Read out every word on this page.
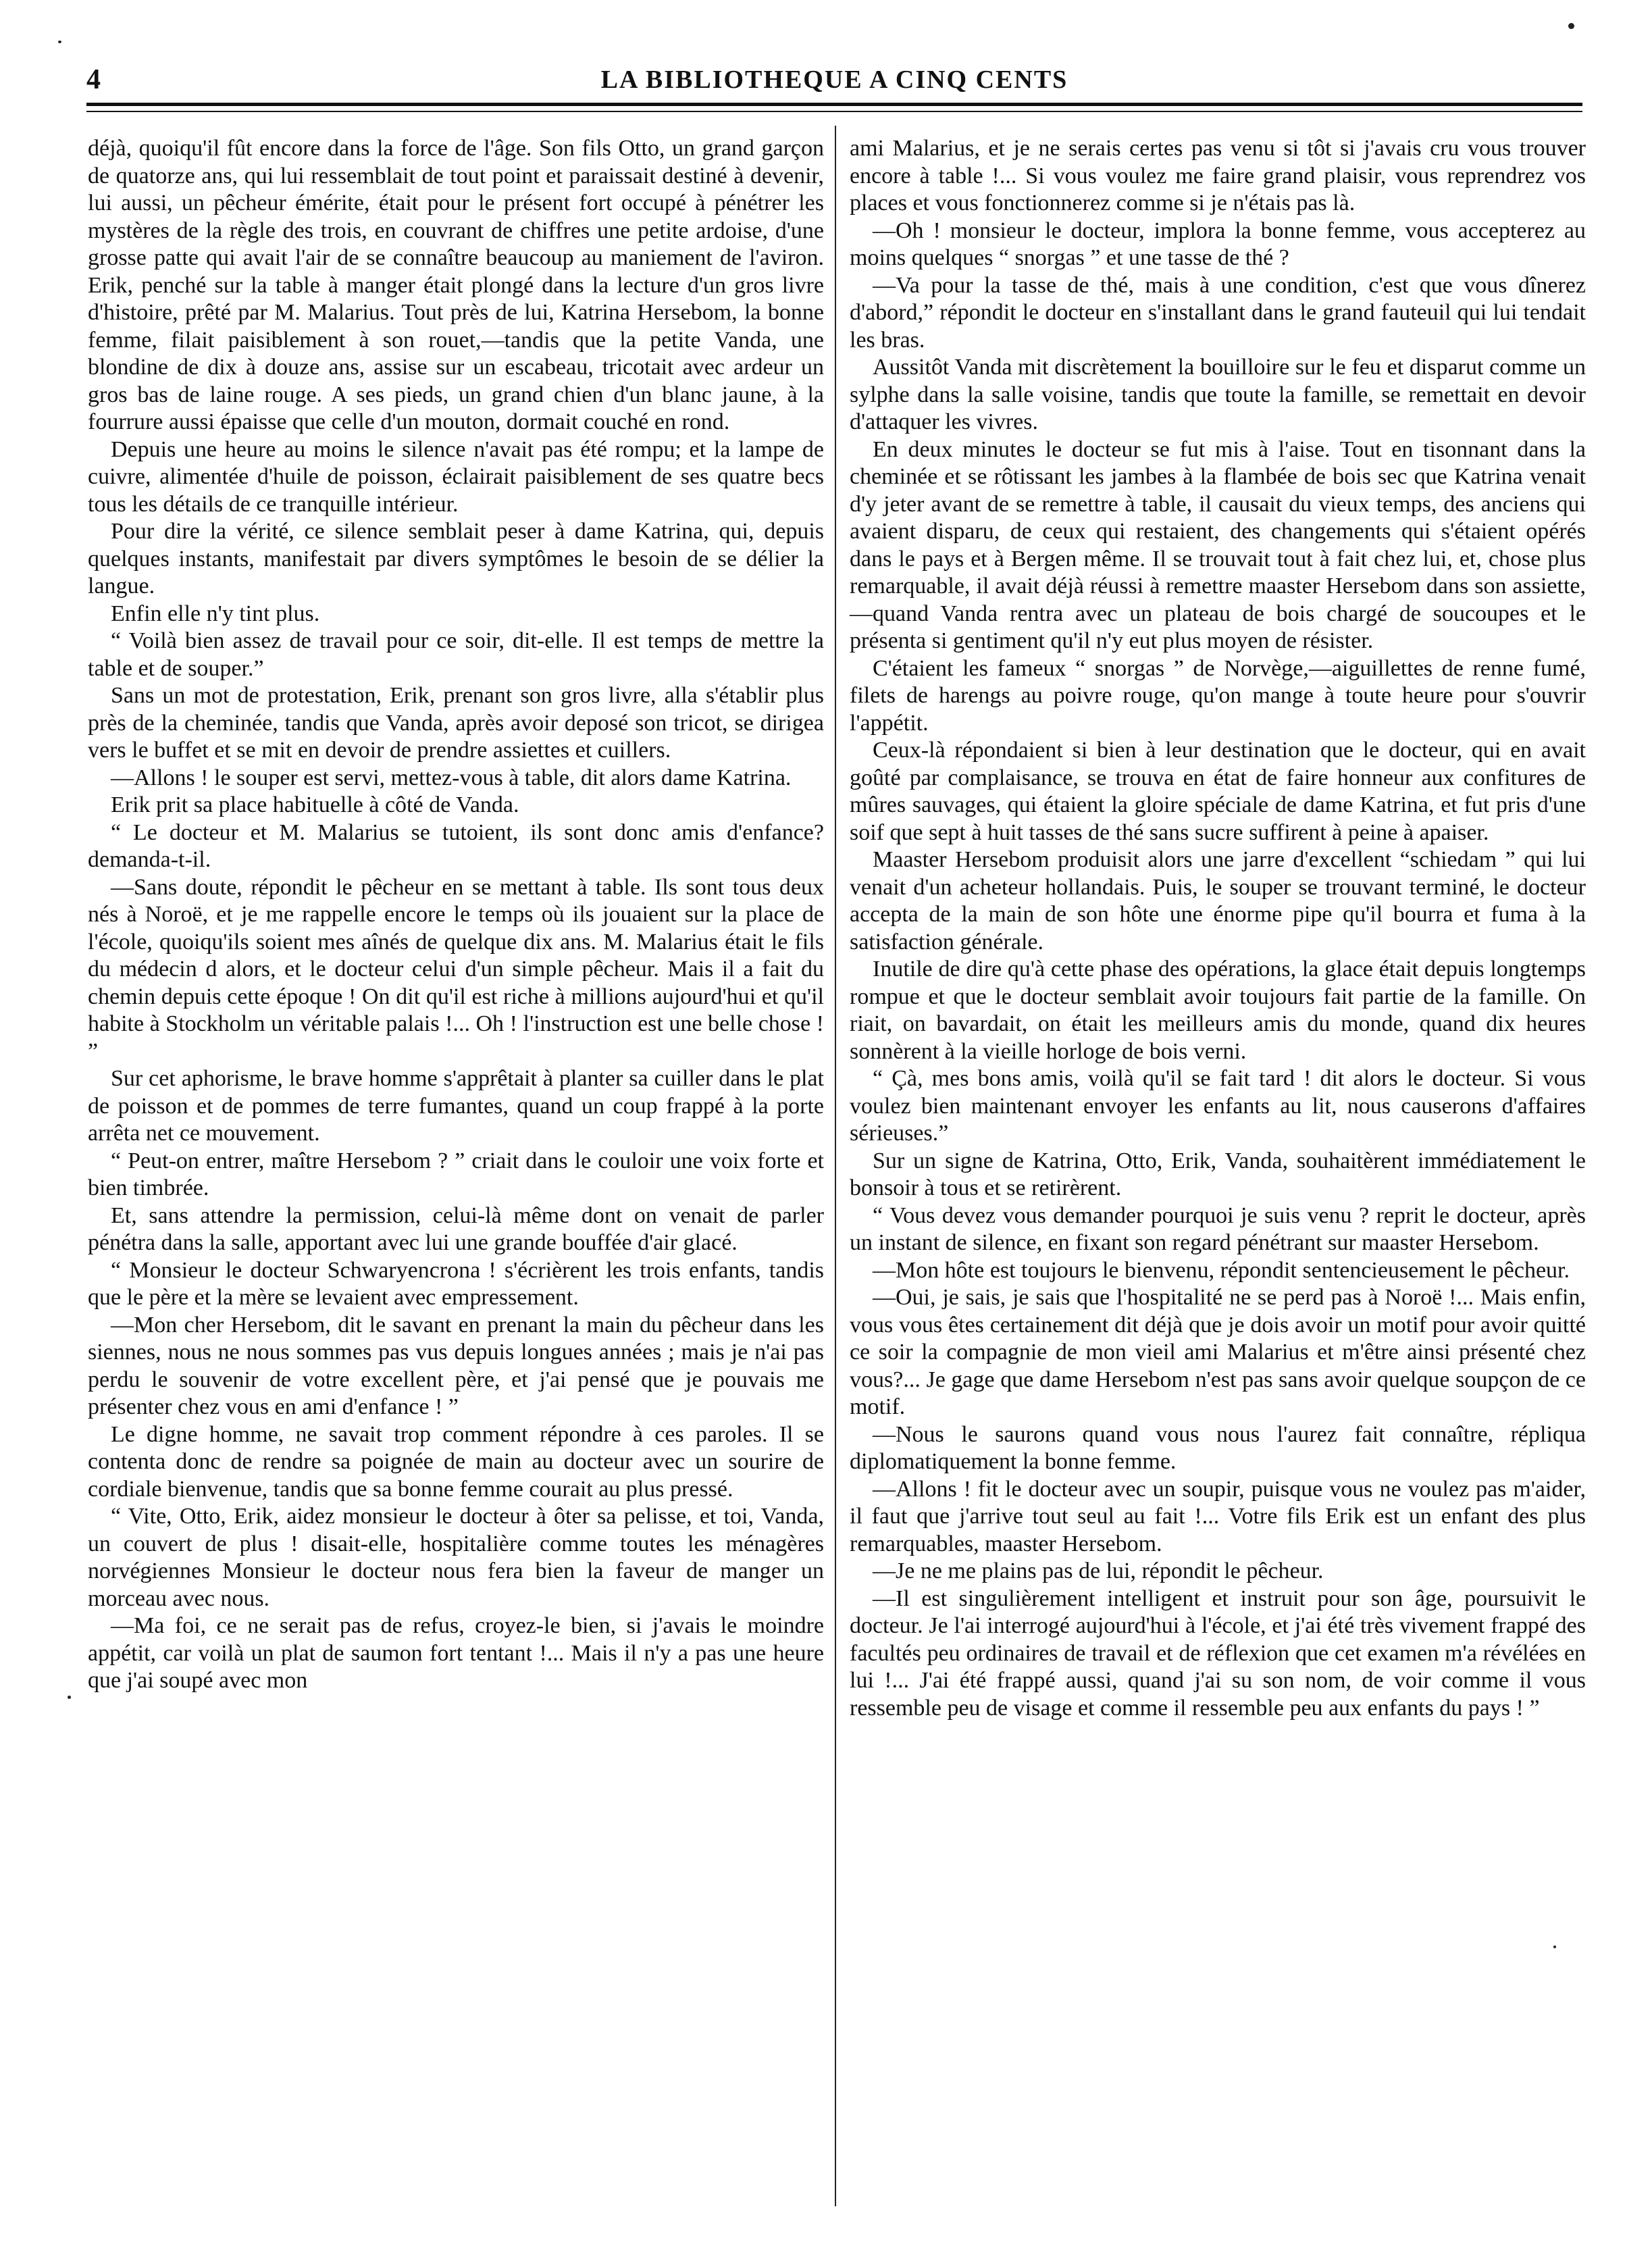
4	LA BIBLIOTHEQUE A CINQ CENTS

déjà, quoiqu'il fût encore dans la force de l'âge. Son fils Otto, un grand garçon de quatorze ans, qui lui ressemblait de tout point et paraissait destiné à devenir, lui aussi, un pêcheur émérite, était pour le présent fort occupé à pénétrer les mystères de la règle des trois, en couvrant de chiffres une petite ardoise, d'une grosse patte qui avait l'air de se connaître beaucoup au maniement de l'aviron. Erik, penché sur la table à manger était plongé dans la lecture d'un gros livre d'histoire, prêté par M. Malarius. Tout près de lui, Katrina Hersebom, la bonne femme, filait paisiblement à son rouet,—tandis que la petite Vanda, une blondine de dix à douze ans, assise sur un escabeau, tricotait avec ardeur un gros bas de laine rouge. A ses pieds, un grand chien d'un blanc jaune, à la fourrure aussi épaisse que celle d'un mouton, dormait couché en rond.

Depuis une heure au moins le silence n'avait pas été rompu; et la lampe de cuivre, alimentée d'huile de poisson, éclairait paisiblement de ses quatre becs tous les détails de ce tranquille intérieur.

Pour dire la vérité, ce silence semblait peser à dame Katrina, qui, depuis quelques instants, manifestait par divers symptômes le besoin de se délier la langue.

Enfin elle n'y tint plus.

“ Voilà bien assez de travail pour ce soir, dit-elle. Il est temps de mettre la table et de souper.”

Sans un mot de protestation, Erik, prenant son gros livre, alla s'établir plus près de la cheminée, tandis que Vanda, après avoir deposé son tricot, se dirigea vers le buffet et se mit en devoir de prendre assiettes et cuillers.

—Allons ! le souper est servi, mettez-vous à table, dit alors dame Katrina.

Erik prit sa place habituelle à côté de Vanda.

“ Le docteur et M. Malarius se tutoient, ils sont donc amis d'enfance? demanda-t-il.

—Sans doute, répondit le pêcheur en se mettant à table. Ils sont tous deux nés à Noroë, et je me rappelle encore le temps où ils jouaient sur la place de l'école, quoiqu'ils soient mes aînés de quelque dix ans. M. Malarius était le fils du médecin d alors, et le docteur celui d'un simple pêcheur. Mais il a fait du chemin depuis cette époque ! On dit qu'il est riche à millions aujourd'hui et qu'il habite à Stockholm un véritable palais !... Oh ! l'instruction est une belle chose ! ”

Sur cet aphorisme, le brave homme s'apprêtait à planter sa cuiller dans le plat de poisson et de pommes de terre fumantes, quand un coup frappé à la porte arrêta net ce mouvement.

“ Peut-on entrer, maître Hersebom ? ” criait dans le couloir une voix forte et bien timbrée.

Et, sans attendre la permission, celui-là même dont on venait de parler pénétra dans la salle, apportant avec lui une grande bouffée d'air glacé.

“ Monsieur le docteur Schwaryencrona ! s'écrièrent les trois enfants, tandis que le père et la mère se levaient avec empressement.

—Mon cher Hersebom, dit le savant en prenant la main du pêcheur dans les siennes, nous ne nous sommes pas vus depuis longues années ; mais je n'ai pas perdu le souvenir de votre excellent père, et j'ai pensé que je pouvais me présenter chez vous en ami d'enfance ! ”

Le digne homme, ne savait trop comment répondre à ces paroles. Il se contenta donc de rendre sa poignée de main au docteur avec un sourire de cordiale bienvenue, tandis que sa bonne femme courait au plus pressé.

“ Vite, Otto, Erik, aidez monsieur le docteur à ôter sa pelisse, et toi, Vanda, un couvert de plus ! disait-elle, hospitalière comme toutes les ménagères norvégiennes Monsieur le docteur nous fera bien la faveur de manger un morceau avec nous.

—Ma foi, ce ne serait pas de refus, croyez-le bien, si j'avais le moindre appétit, car voilà un plat de saumon fort tentant !... Mais il n'y a pas une heure que j'ai soupé avec mon

ami Malarius, et je ne serais certes pas venu si tôt si j'avais cru vous trouver encore à table !... Si vous voulez me faire grand plaisir, vous reprendrez vos places et vous fonctionnerez comme si je n'étais pas là.

—Oh ! monsieur le docteur, implora la bonne femme, vous accepterez au moins quelques “ snorgas ” et une tasse de thé ?

—Va pour la tasse de thé, mais à une condition, c'est que vous dînerez d'abord,” répondit le docteur en s'installant dans le grand fauteuil qui lui tendait les bras.

Aussitôt Vanda mit discrètement la bouilloire sur le feu et disparut comme un sylphe dans la salle voisine, tandis que toute la famille, se remettait en devoir d'attaquer les vivres.

En deux minutes le docteur se fut mis à l'aise. Tout en tisonnant dans la cheminée et se rôtissant les jambes à la flambée de bois sec que Katrina venait d'y jeter avant de se remettre à table, il causait du vieux temps, des anciens qui avaient disparu, de ceux qui restaient, des changements qui s'étaient opérés dans le pays et à Bergen même. Il se trouvait tout à fait chez lui, et, chose plus remarquable, il avait déjà réussi à remettre maaster Hersebom dans son assiette,—quand Vanda rentra avec un plateau de bois chargé de soucoupes et le présenta si gentiment qu'il n'y eut plus moyen de résister.

C'étaient les fameux “ snorgas ” de Norvège,—aiguillettes de renne fumé, filets de harengs au poivre rouge, qu'on mange à toute heure pour s'ouvrir l'appétit.

Ceux-là répondaient si bien à leur destination que le docteur, qui en avait goûté par complaisance, se trouva en état de faire honneur aux confitures de mûres sauvages, qui étaient la gloire spéciale de dame Katrina, et fut pris d'une soif que sept à huit tasses de thé sans sucre suffirent à peine à apaiser.

Maaster Hersebom produisit alors une jarre d'excellent “schiedam ” qui lui venait d'un acheteur hollandais. Puis, le souper se trouvant terminé, le docteur accepta de la main de son hôte une énorme pipe qu'il bourra et fuma à la satisfaction générale.

Inutile de dire qu'à cette phase des opérations, la glace était depuis longtemps rompue et que le docteur semblait avoir toujours fait partie de la famille. On riait, on bavardait, on était les meilleurs amis du monde, quand dix heures sonnèrent à la vieille horloge de bois verni.

“ Çà, mes bons amis, voilà qu'il se fait tard ! dit alors le docteur. Si vous voulez bien maintenant envoyer les enfants au lit, nous causerons d'affaires sérieuses.”

Sur un signe de Katrina, Otto, Erik, Vanda, souhaitèrent immédiatement le bonsoir à tous et se retirèrent.

“ Vous devez vous demander pourquoi je suis venu ? reprit le docteur, après un instant de silence, en fixant son regard pénétrant sur maaster Hersebom.

—Mon hôte est toujours le bienvenu, répondit sentencieusement le pêcheur.

—Oui, je sais, je sais que l'hospitalité ne se perd pas à Noroë !... Mais enfin, vous vous êtes certainement dit déjà que je dois avoir un motif pour avoir quitté ce soir la compagnie de mon vieil ami Malarius et m'être ainsi présenté chez vous?... Je gage que dame Hersebom n'est pas sans avoir quelque soupçon de ce motif.

—Nous le saurons quand vous nous l'aurez fait connaître, répliqua diplomatiquement la bonne femme.

—Allons ! fit le docteur avec un soupir, puisque vous ne voulez pas m'aider, il faut que j'arrive tout seul au fait !... Votre fils Erik est un enfant des plus remarquables, maaster Hersebom.

—Je ne me plains pas de lui, répondit le pêcheur.

—Il est singulièrement intelligent et instruit pour son âge, poursuivit le docteur. Je l'ai interrogé aujourd'hui à l'école, et j'ai été très vivement frappé des facultés peu ordinaires de travail et de réflexion que cet examen m'a révélées en lui !... J'ai été frappé aussi, quand j'ai su son nom, de voir comme il vous ressemble peu de visage et comme il ressemble peu aux enfants du pays ! ”
